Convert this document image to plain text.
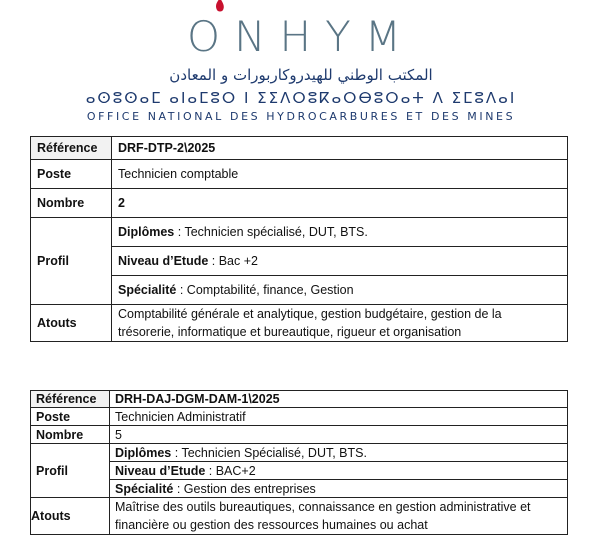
ONHYM
المكتب الوطني للهيدروكاربورات و المعادن
ⴰⵙⵓⵙⴰⵎ ⴰⵏⴰⵎⵓⵔ Ⅰ ⵉⵉⴷⵔⵓⴽⴰⵔⴱⵓⵔⴰⵜ ⴷ ⵉⵎⵓⴷⴰⵏ
OFFICE NATIONAL DES HYDROCARBURES ET DES MINES
Référence	DRF-DTP-2\2025
Poste	Technicien comptable
Nombre	2
Profil	Diplômes : Technicien spécialisé, DUT, BTS.
	Niveau d’Etude : Bac +2
	Spécialité : Comptabilité, finance, Gestion
Atouts	Comptabilité générale et analytique, gestion budgétaire, gestion de la
trésorerie, informatique et bureautique, rigueur et organisation
Référence	DRH-DAJ-DGM-DAM-1\2025
Poste	Technicien Administratif
Nombre	5
Profil	Diplômes : Technicien Spécialisé, DUT, BTS.
	Niveau d’Etude : BAC+2
	Spécialité : Gestion des entreprises
Atouts	Maîtrise des outils bureautiques, connaissance en gestion administrative et
financière ou gestion des ressources humaines ou achat
